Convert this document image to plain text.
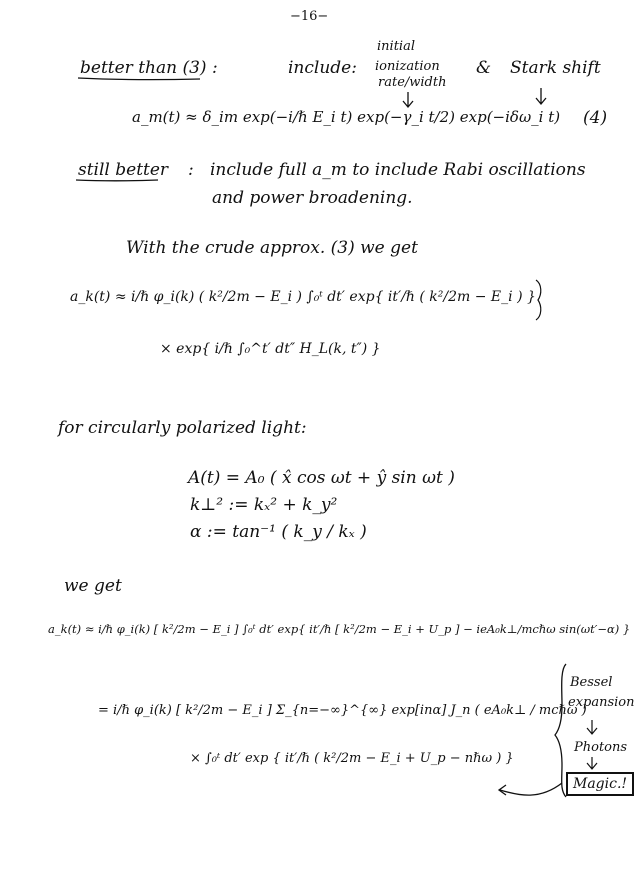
−16−
better than (3) :	include:
initial
ionization
rate/width
& Stark shift
a_m(t) ≈ δ_im exp(−i/ℏ E_i t) exp(−γ_i t/2) exp(−iδω_i t) (4)
still better : include full a_m to include Rabi oscillations
and power broadening.
With the crude approx. (3) we get
a_k(t) ≈ i/ℏ φ_i(k) ( k²/2m − E_i ) ∫₀ᵗ dt′ exp{ it′/ℏ ( k²/2m − E_i ) }
× exp{ i/ℏ ∫₀^t′ dt″ H_L(k, t″) }
for circularly polarized light:
A(t) = A₀ ( x̂ cos ωt + ŷ sin ωt )
k⊥² := kₓ² + k_y²
α := tan⁻¹ ( k_y / kₓ )
we get
a_k(t) ≈ i/ℏ φ_i(k) [ k²/2m − E_i ] ∫₀ᵗ dt′ exp{ it′/ℏ [ k²/2m − E_i + U_p ] − ieA₀k⊥/mcℏω sin(ωt′−α) }
= i/ℏ φ_i(k) [ k²/2m − E_i ] Σ_{n=−∞}^{∞} exp[inα] J_n ( eA₀k⊥ / mcℏω )
× ∫₀ᵗ dt′ exp { it′/ℏ ( k²/2m − E_i + U_p − nℏω ) }
Bessel
expansion
Photons
Magic.!
